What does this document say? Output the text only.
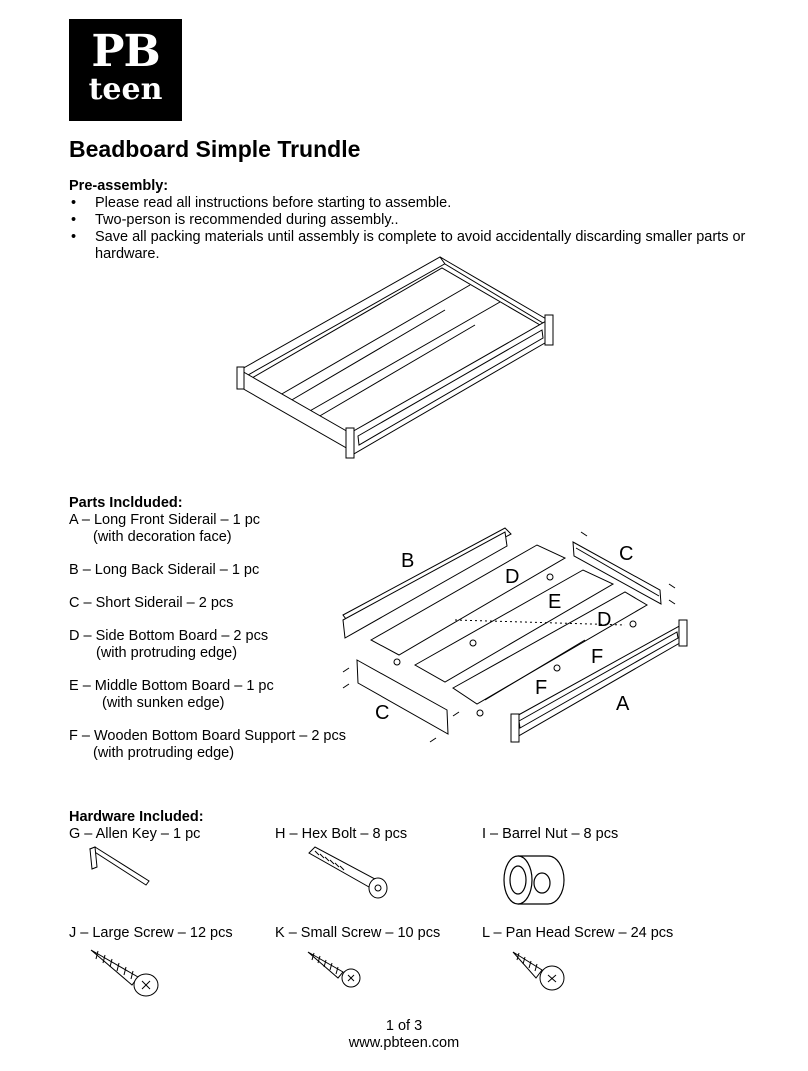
PB
teen
Beadboard Simple Trundle
Pre-assembly:
• Please read all instructions before starting to assemble.
• Two-person is recommended during assembly..
• Save all packing materials until assembly is complete to avoid accidentally discarding smaller parts or hardware.
Parts Inclduded:
A – Long Front Siderail – 1 pc
(with decoration face)
B – Long Back Siderail – 1 pc
C – Short Siderail – 2 pcs
D – Side Bottom Board – 2 pcs
(with protruding edge)
E – Middle Bottom Board – 1 pc
(with sunken edge)
F – Wooden Bottom Board Support – 2 pcs
(with protruding edge)
B	C
D
E
D
F
F
A
C
Hardware Included:
G – Allen Key – 1 pc	H – Hex Bolt – 8 pcs	I – Barrel Nut – 8 pcs
J – Large Screw – 12 pcs	K – Small Screw – 10 pcs	L – Pan Head Screw – 24 pcs
1 of 3
www.pbteen.com
